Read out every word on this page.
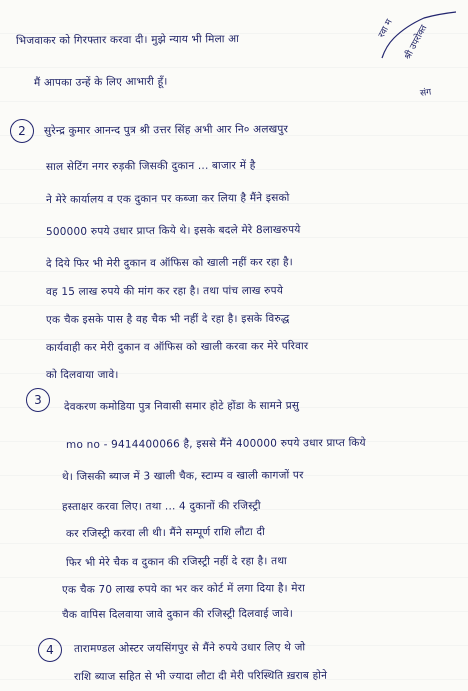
भिजवाकर को गिरफ्तार करवा दी। मुझे न्याय भी मिला आ
मैं आपका उन्हें के लिए आभारी हूँ।
रवा म श्री उपरोक्त
संग
2	सुरेन्द्र कुमार आनन्द पुत्र श्री उत्तर सिंह अभी आर नि० अलखपुर
साल सेटिंग नगर रुड़की जिसकी दुकान ... बाजार में है
ने मेरे कार्यालय व एक दुकान पर कब्जा कर लिया है मैंने इसको
500000 रुपये उधार प्राप्त किये थे। इसके बदले मेरे 8लाखरुपये
दे दिये फिर भी मेरी दुकान व ऑफिस को खाली नहीं कर रहा है।
वह 15 लाख रुपये की मांग कर रहा है। तथा पांच लाख रुपये
एक चैक इसके पास है वह चैक भी नहीं दे रहा है। इसके विरुद्ध
कार्यवाही कर मेरी दुकान व ऑफिस को खाली करवा कर मेरे परिवार
को दिलवाया जावे।
3	देवकरण कमोडिया पुत्र निवासी समार होटे होंडा के सामने प्रसु
mo no - 9414400066 है, इससे मैंने 400000 रुपये उधार प्राप्त किये
थे। जिसकी ब्याज में 3 खाली चैक, स्टाम्प व खाली कागजों पर
हस्ताक्षर करवा लिए। तथा ... 4 दुकानों की रजिस्ट्री
कर रजिस्ट्री करवा ली थी। मैंने सम्पूर्ण राशि लौटा दी
फिर भी मेरे चैक व दुकान की रजिस्ट्री नहीं दे रहा है। तथा
एक चैक 70 लाख रुपये का भर कर कोर्ट में लगा दिया है। मेरा
चैक वापिस दिलवाया जावे दुकान की रजिस्ट्री दिलवाई जावे।
4	तारामण्डल ओस्टर जयसिंगपुर से मैंने रुपये उधार लिए थे जो
राशि ब्याज सहित से भी ज्यादा लौटा दी मेरी परिस्थिति ख़राब होने
